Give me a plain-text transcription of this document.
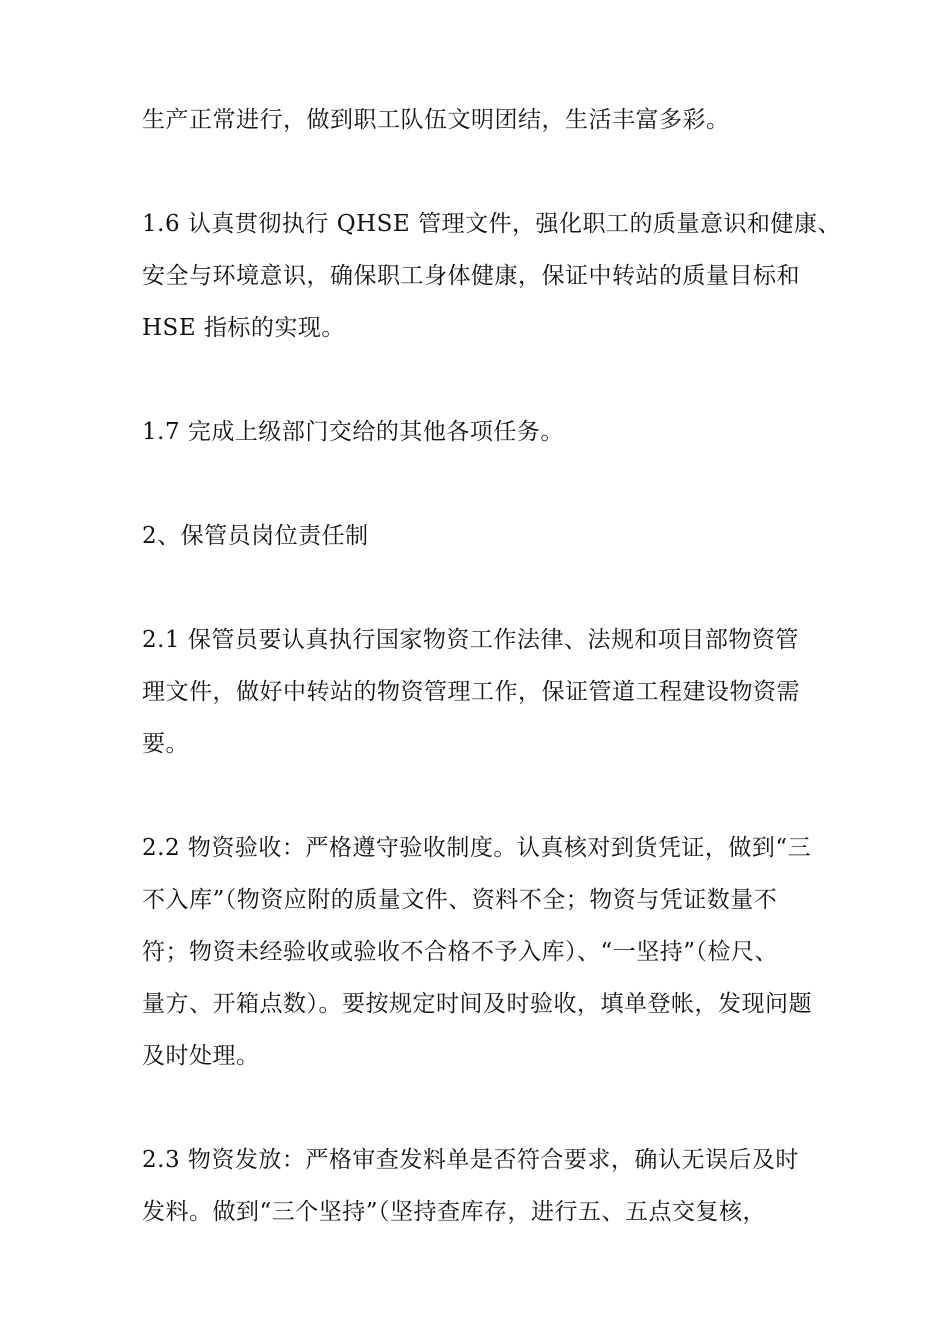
生产正常进行，做到职工队伍文明团结，生活丰富多彩。

1.6 认真贯彻执行 QHSE 管理文件，强化职工的质量意识和健康、
安全与环境意识，确保职工身体健康，保证中转站的质量目标和
HSE 指标的实现。

1.7 完成上级部门交给的其他各项任务。

2、保管员岗位责任制

2.1 保管员要认真执行国家物资工作法律、法规和项目部物资管
理文件，做好中转站的物资管理工作，保证管道工程建设物资需
要。

2.2 物资验收：严格遵守验收制度。认真核对到货凭证，做到“三
不入库”（物资应附的质量文件、资料不全；物资与凭证数量不
符；物资未经验收或验收不合格不予入库）、“一坚持”（检尺、
量方、开箱点数）。要按规定时间及时验收，填单登帐，发现问题
及时处理。

2.3 物资发放：严格审查发料单是否符合要求，确认无误后及时
发料。做到“三个坚持”（坚持查库存，进行五、五点交复核，
